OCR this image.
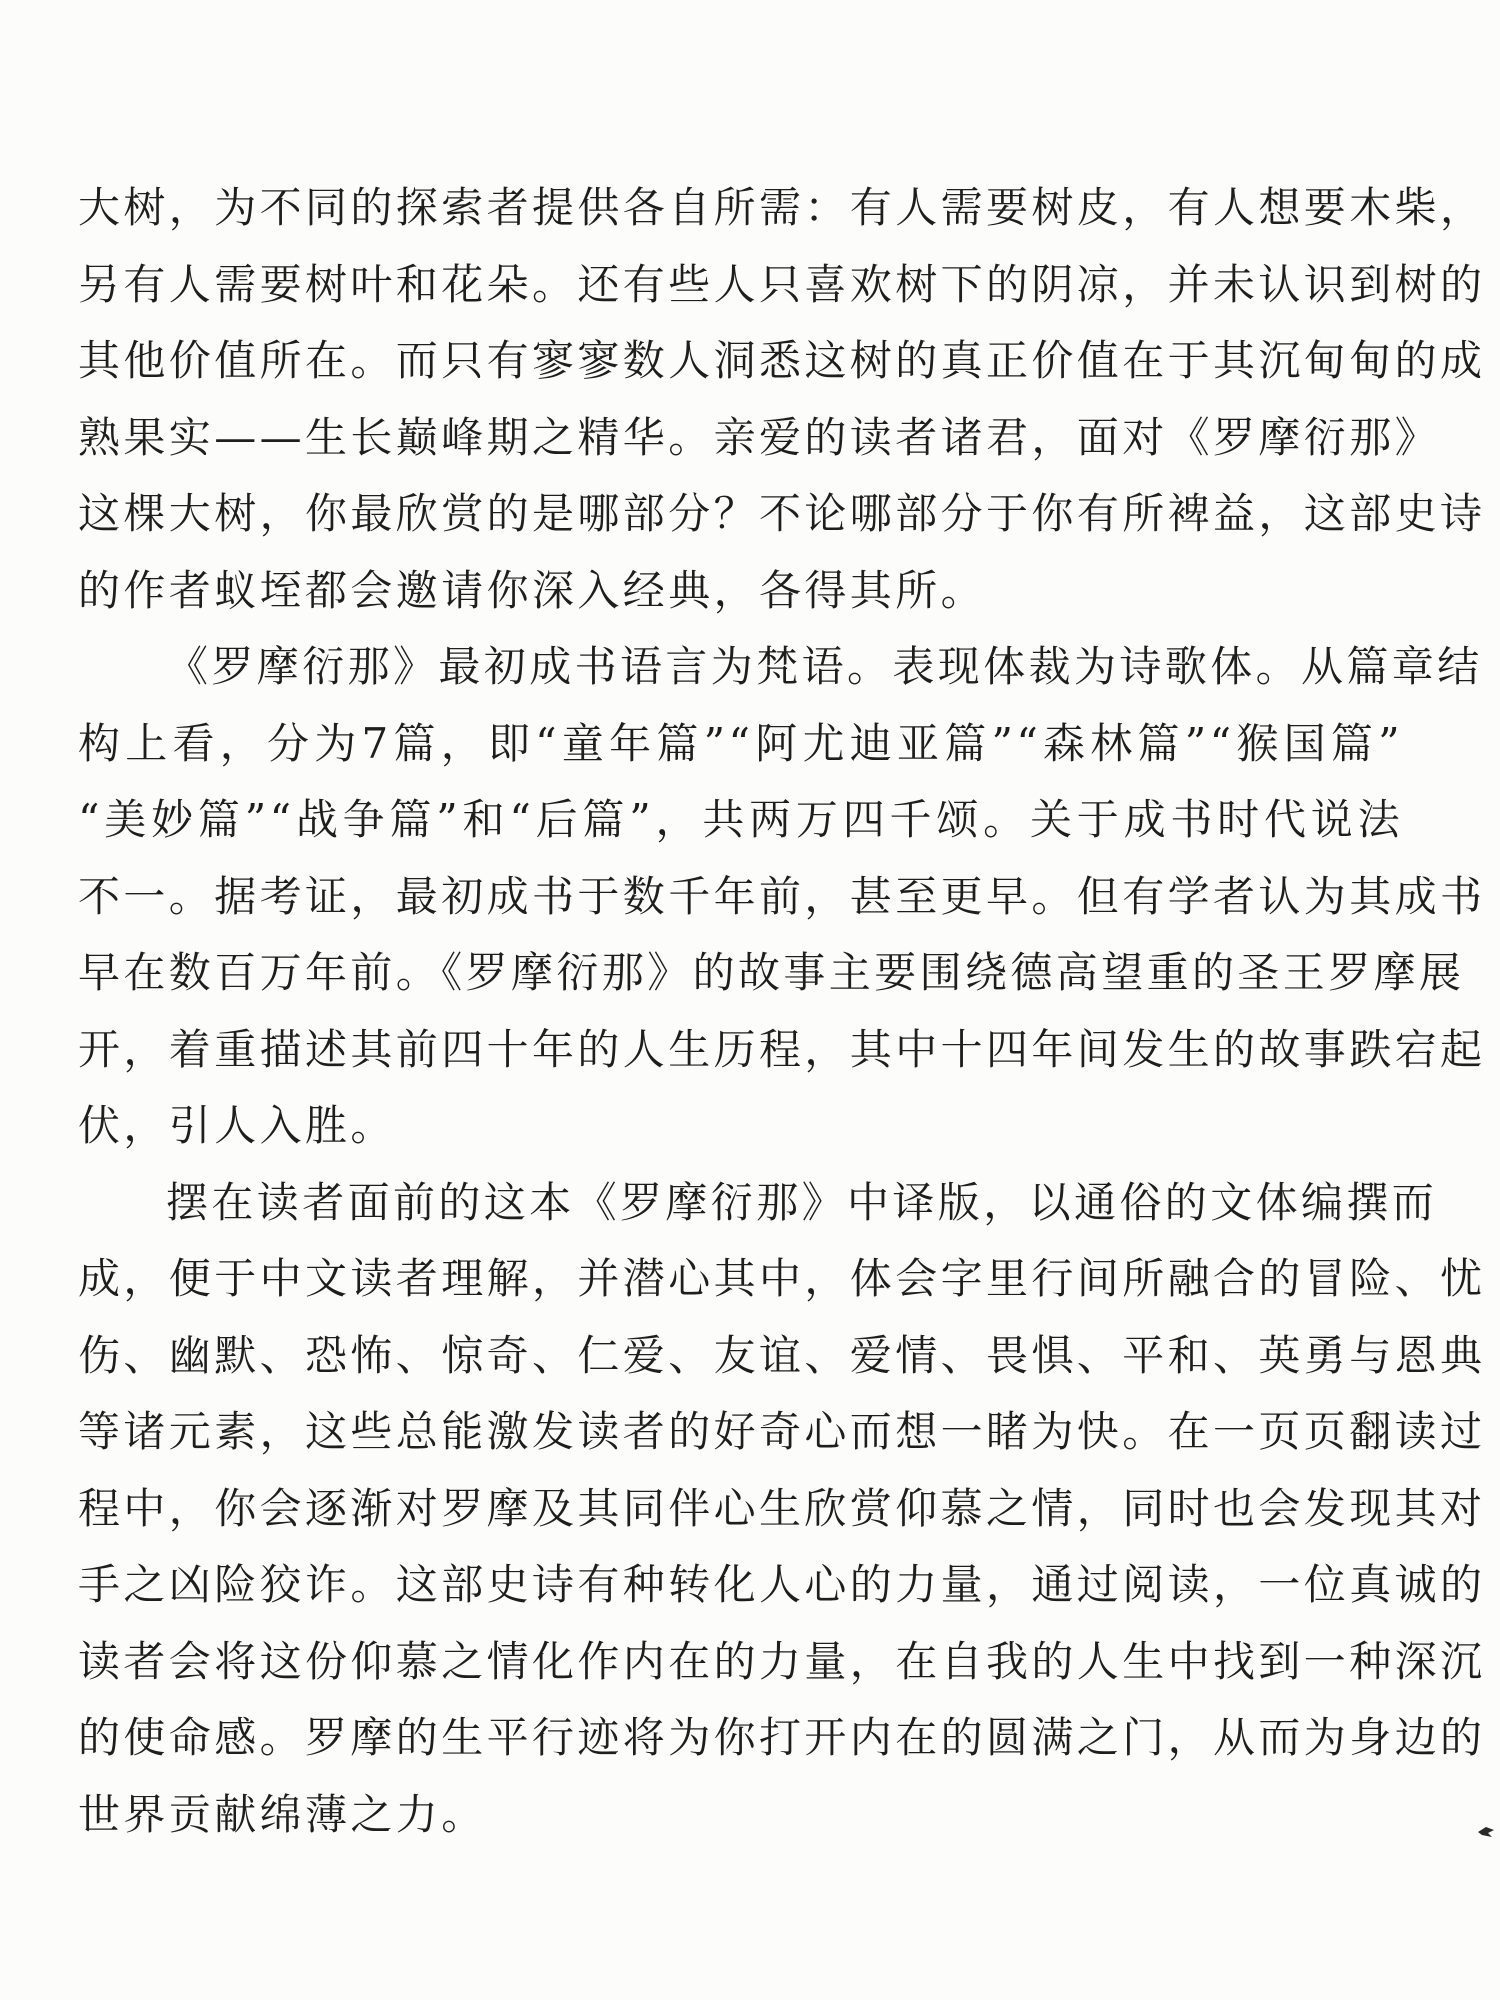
大树，为不同的探索者提供各自所需：有人需要树皮，有人想要木柴，
另有人需要树叶和花朵。还有些人只喜欢树下的阴凉，并未认识到树的
其他价值所在。而只有寥寥数人洞悉这树的真正价值在于其沉甸甸的成
熟果实——生长巅峰期之精华。亲爱的读者诸君，面对《罗摩衍那》
这棵大树，你最欣赏的是哪部分？不论哪部分于你有所裨益，这部史诗
的作者蚁垤都会邀请你深入经典，各得其所。
《罗摩衍那》最初成书语言为梵语。表现体裁为诗歌体。从篇章结
构上看，分为7篇，即“童年篇”“阿尤迪亚篇”“森林篇”“猴国篇”
“美妙篇”“战争篇”和“后篇”，共两万四千颂。关于成书时代说法
不一。据考证，最初成书于数千年前，甚至更早。但有学者认为其成书
早在数百万年前。《罗摩衍那》的故事主要围绕德高望重的圣王罗摩展
开，着重描述其前四十年的人生历程，其中十四年间发生的故事跌宕起
伏，引人入胜。
摆在读者面前的这本《罗摩衍那》中译版，以通俗的文体编撰而
成，便于中文读者理解，并潜心其中，体会字里行间所融合的冒险、忧
伤、幽默、恐怖、惊奇、仁爱、友谊、爱情、畏惧、平和、英勇与恩典
等诸元素，这些总能激发读者的好奇心而想一睹为快。在一页页翻读过
程中，你会逐渐对罗摩及其同伴心生欣赏仰慕之情，同时也会发现其对
手之凶险狡诈。这部史诗有种转化人心的力量，通过阅读，一位真诚的
读者会将这份仰慕之情化作内在的力量，在自我的人生中找到一种深沉
的使命感。罗摩的生平行迹将为你打开内在的圆满之门，从而为身边的
世界贡献绵薄之力。
